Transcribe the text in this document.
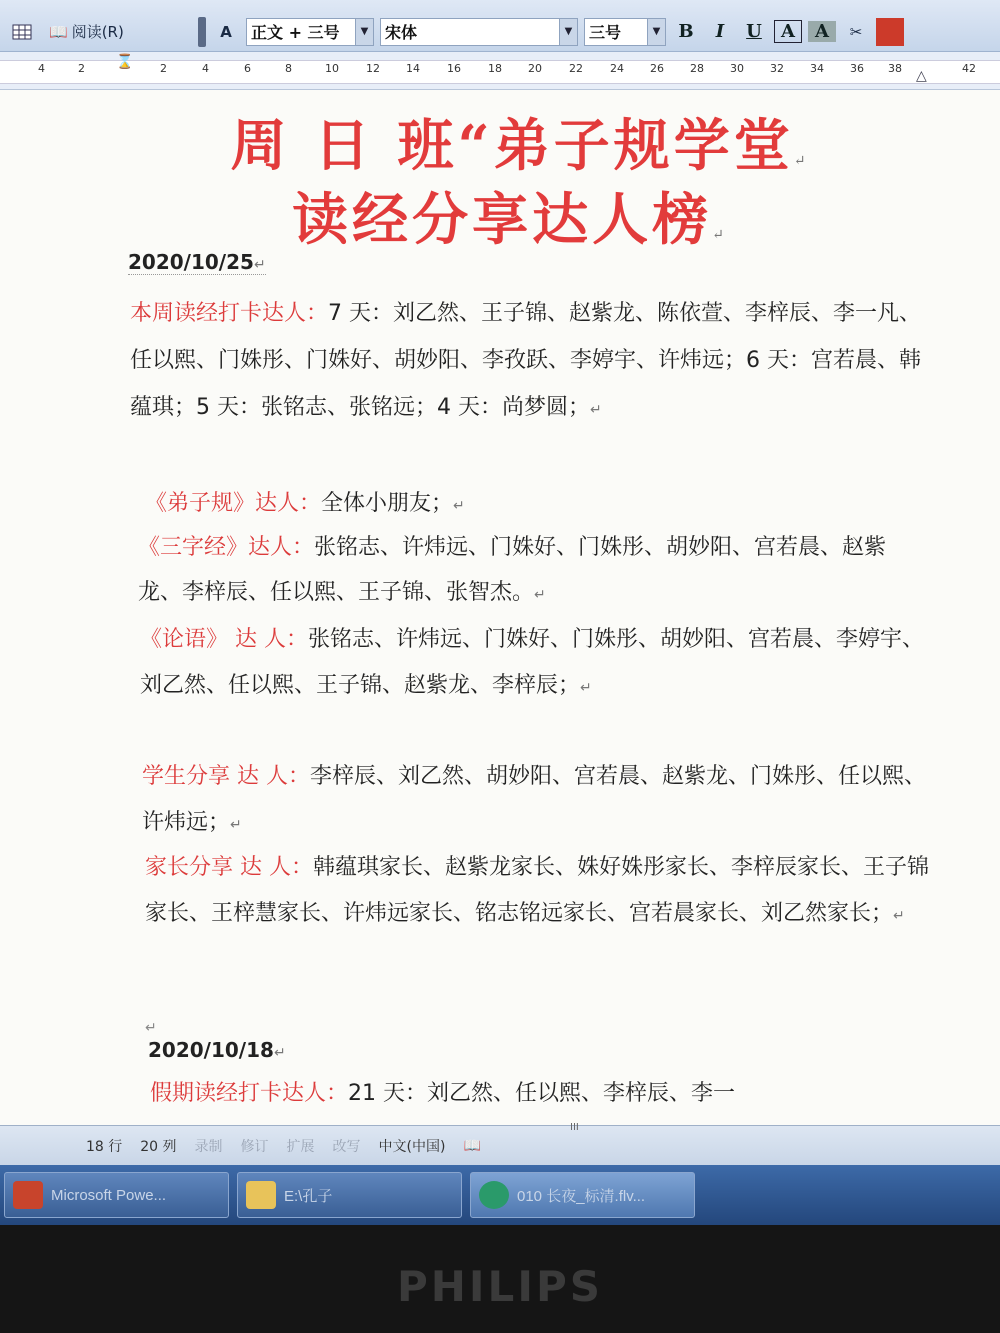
📖 阅读(R)	A	正文 + 三号	▼ 宋体	▼ 三号	▼	B	I	U	A	A	✂
⌛
△
4	2	2	4	6	8	10 12 14 16 18 20 22 24 26 28 30 32 34 36 38	42
周 日 班“弟子规学堂↵
读经分享达人榜↵
2020/10/25↵
本周读经打卡达人：7 天：刘乙然、王子锦、赵紫龙、陈依萱、李梓辰、李一凡、任以熙、门姝彤、门姝好、胡妙阳、李孜跃、李婷宇、许炜远；6 天：宫若晨、韩蕴琪；5 天：张铭志、张铭远；4 天：尚梦圆；↵
《弟子规》达人：全体小朋友；↵
《三字经》达人：张铭志、许炜远、门姝好、门姝彤、胡妙阳、宫若晨、赵紫龙、李梓辰、任以熙、王子锦、张智杰。↵
《论语》 达 人：张铭志、许炜远、门姝好、门姝彤、胡妙阳、宫若晨、李婷宇、刘乙然、任以熙、王子锦、赵紫龙、李梓辰；↵
学生分享 达 人：李梓辰、刘乙然、胡妙阳、宫若晨、赵紫龙、门姝彤、任以熙、许炜远；↵
家长分享 达 人：韩蕴琪家长、赵紫龙家长、姝好姝彤家长、李梓辰家长、王子锦家长、王梓慧家长、许炜远家长、铭志铭远家长、宫若晨家长、刘乙然家长；↵
↵
2020/10/18↵
假期读经打卡达人：21 天：刘乙然、任以熙、李梓辰、李一
III
18 行 20 列 录制 修订 扩展 改写 中文(中国) 📖
Microsoft Powe...	E:\孔子	010 长夜_标清.flv...
PHILIPS
